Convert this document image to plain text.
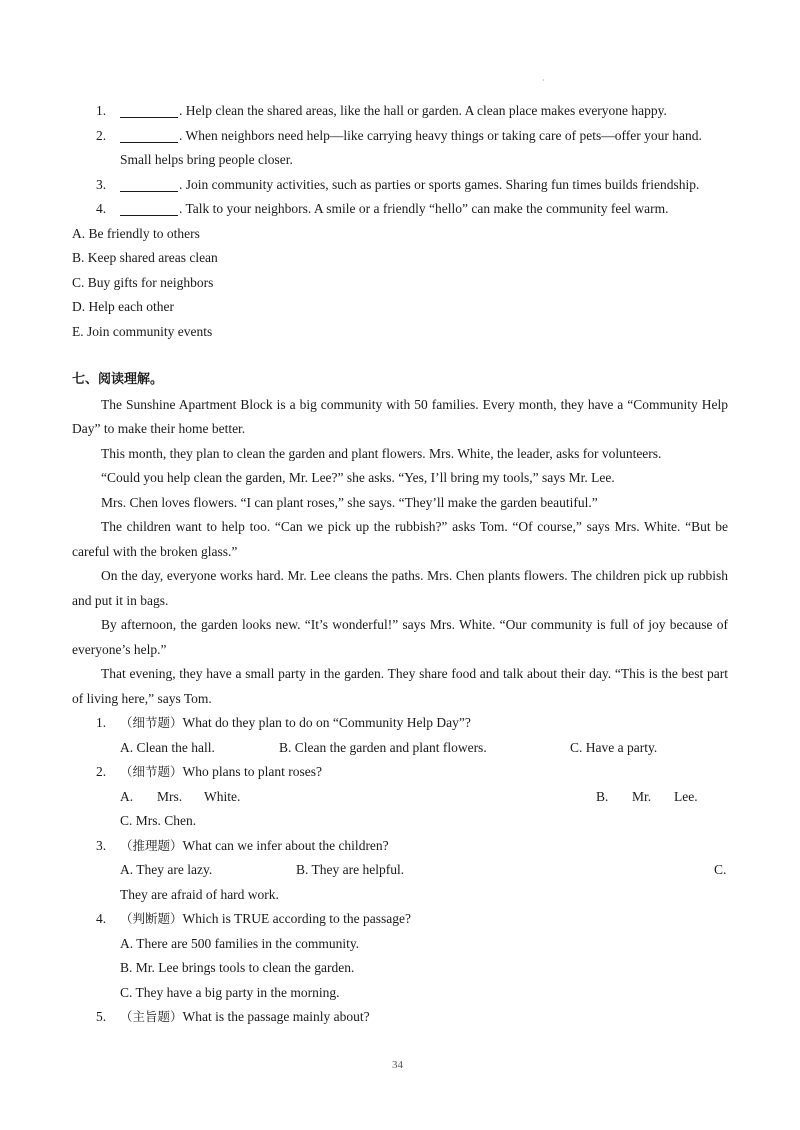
·
1.	. Help clean the shared areas, like the hall or garden. A clean place makes everyone happy.
2.	. When neighbors need help—like carrying heavy things or taking care of pets—offer your hand.
Small helps bring people closer.
3.	. Join community activities, such as parties or sports games. Sharing fun times builds friendship.
4.	. Talk to your neighbors. A smile or a friendly “hello” can make the community feel warm.
A. Be friendly to others
B. Keep shared areas clean
C. Buy gifts for neighbors
D. Help each other
E. Join community events
七、阅读理解。
The Sunshine Apartment Block is a big community with 50 families. Every month, they have a “Community Help Day” to make their home better.
This month, they plan to clean the garden and plant flowers. Mrs. White, the leader, asks for volunteers.
“Could you help clean the garden, Mr. Lee?” she asks. “Yes, I’ll bring my tools,” says Mr. Lee.
Mrs. Chen loves flowers. “I can plant roses,” she says. “They’ll make the garden beautiful.”
The children want to help too. “Can we pick up the rubbish?” asks Tom. “Of course,” says Mrs. White. “But be careful with the broken glass.”
On the day, everyone works hard. Mr. Lee cleans the paths. Mrs. Chen plants flowers. The children pick up rubbish and put it in bags.
By afternoon, the garden looks new. “It’s wonderful!” says Mrs. White. “Our community is full of joy because of everyone’s help.”
That evening, they have a small party in the garden. They share food and talk about their day. “This is the best part of living here,” says Tom.
1. （细节题）What do they plan to do on “Community Help Day”?
A. Clean the hall.	B. Clean the garden and plant flowers.	C. Have a party.
2. （细节题）Who plans to plant roses?
A. Mrs. White.	B. Mr. Lee.
C. Mrs. Chen.
3. （推理题）What can we infer about the children?
A. They are lazy.	B. They are helpful.	C.
They are afraid of hard work.
4. （判断题）Which is TRUE according to the passage?
A. There are 500 families in the community.
B. Mr. Lee brings tools to clean the garden.
C. They have a big party in the morning.
5. （主旨题）What is the passage mainly about?
34
